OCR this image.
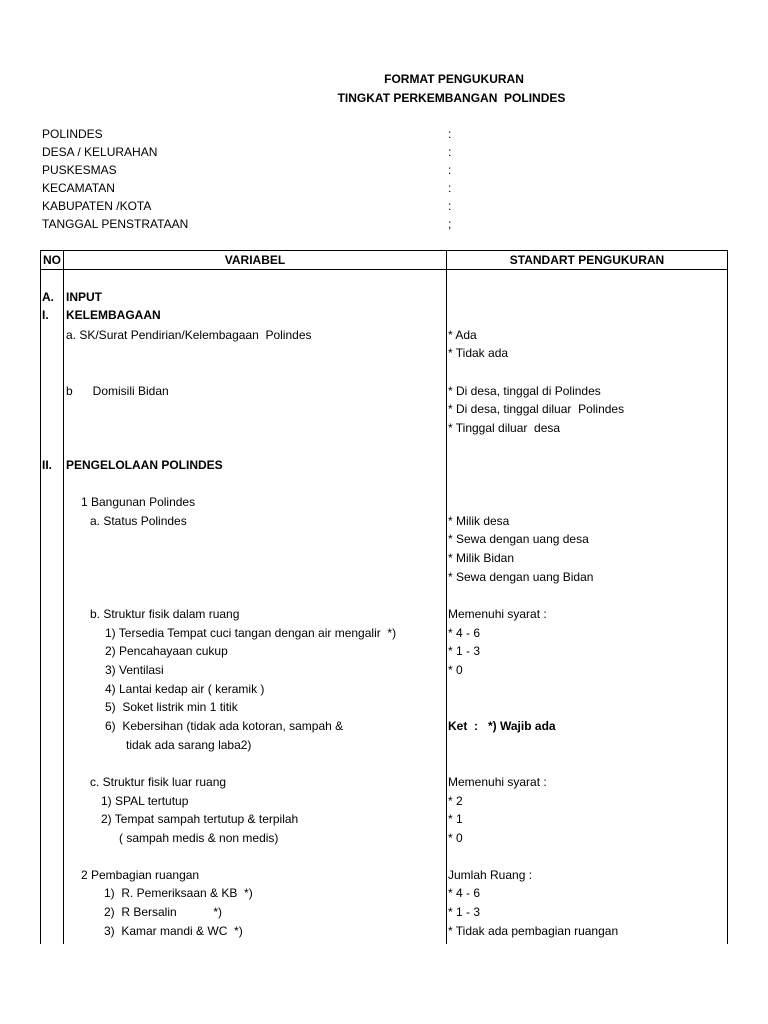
FORMAT PENGUKURAN
TINGKAT PERKEMBANGAN  POLINDES
POLINDES	:
DESA / KELURAHAN	:
PUSKESMAS	:
KECAMATAN	:
KABUPATEN /KOTA	:
TANGGAL PENSTRATAAN	;
NO	VARIABEL	STANDART PENGUKURAN
A. INPUT
I. KELEMBAGAAN
a. SK/Surat Pendirian/Kelembagaan  Polindes	* Ada
* Tidak ada
b      Domisili Bidan	* Di desa, tinggal di Polindes
* Di desa, tinggal diluar  Polindes
* Tinggal diluar  desa
II. PENGELOLAAN POLINDES
1 Bangunan Polindes
a. Status Polindes	* Milik desa
* Sewa dengan uang desa
* Milik Bidan
* Sewa dengan uang Bidan
b. Struktur fisik dalam ruang	Memenuhi syarat :
1) Tersedia Tempat cuci tangan dengan air mengalir  *)	* 4 - 6
2) Pencahayaan cukup	* 1 - 3
3) Ventilasi	* 0
4) Lantai kedap air ( keramik )
5)  Soket listrik min 1 titik
6)  Kebersihan (tidak ada kotoran, sampah &	Ket  :   *) Wajib ada
tidak ada sarang laba2)
c. Struktur fisik luar ruang	Memenuhi syarat :
1) SPAL tertutup	* 2
2) Tempat sampah tertutup & terpilah	* 1
( sampah medis & non medis)	* 0
2 Pembagian ruangan	Jumlah Ruang :
1)  R. Pemeriksaan & KB  *)	* 4 - 6
2)  R Bersalin           *)	* 1 - 3
3)  Kamar mandi & WC  *)	* Tidak ada pembagian ruangan
